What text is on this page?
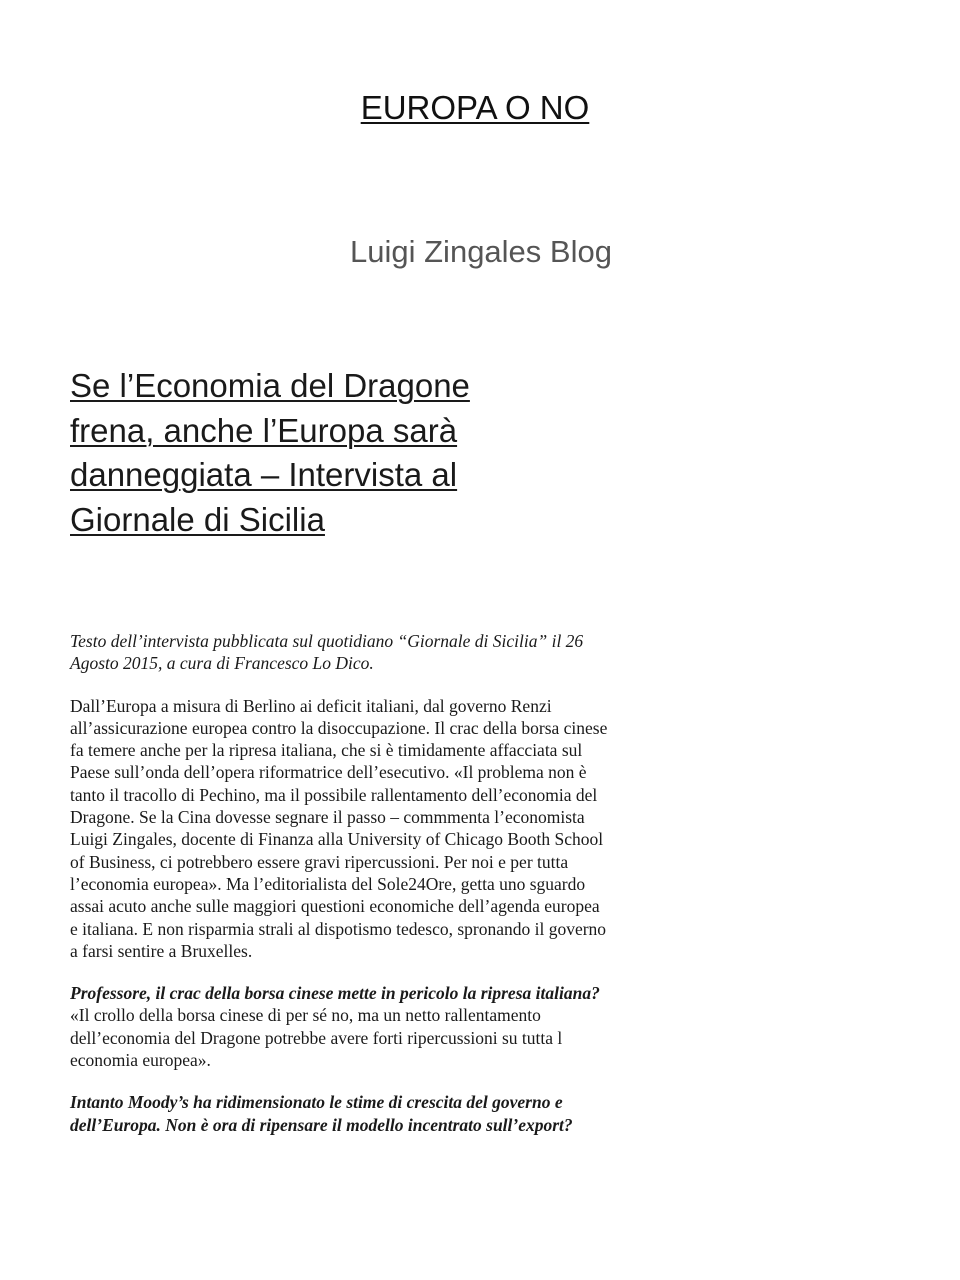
EUROPA O NO
Luigi Zingales Blog
Se l’Economia del Dragone frena, anche l’Europa sarà danneggiata – Intervista al Giornale di Sicilia

Testo dell’intervista pubblicata sul quotidiano “Giornale di Sicilia” il 26 Agosto 2015, a cura di Francesco Lo Dico.

Dall’Europa a misura di Berlino ai deficit italiani, dal governo Renzi all’assicurazione europea contro la disoccupazione. Il crac della borsa cinese fa temere anche per la ripresa italiana, che si è timidamente affacciata sul Paese sull’onda dell’opera riformatrice dell’esecutivo. «Il problema non è tanto il tracollo di Pechino, ma il possibile rallentamento dell’economia del Dragone. Se la Cina dovesse segnare il passo – commmenta l’economista Luigi Zingales, docente di Finanza alla University of Chicago Booth School of Business, ci potrebbero essere gravi ripercussioni. Per noi e per tutta l’economia europea». Ma l’editorialista del Sole24Ore, getta uno sguardo assai acuto anche sulle maggiori questioni economiche dell’agenda europea e italiana. E non risparmia strali al dispotismo tedesco, spronando il governo a farsi sentire a Bruxelles.

Professore, il crac della borsa cinese mette in pericolo la ripresa italiana?

«Il crollo della borsa cinese di per sé no, ma un netto rallentamento dell’economia del Dragone potrebbe avere forti ripercussioni su tutta l economia europea».

Intanto Moody’s ha ridimensionato le stime di crescita del governo e dell’Europa. Non è ora di ripensare il modello incentrato sull’export?
